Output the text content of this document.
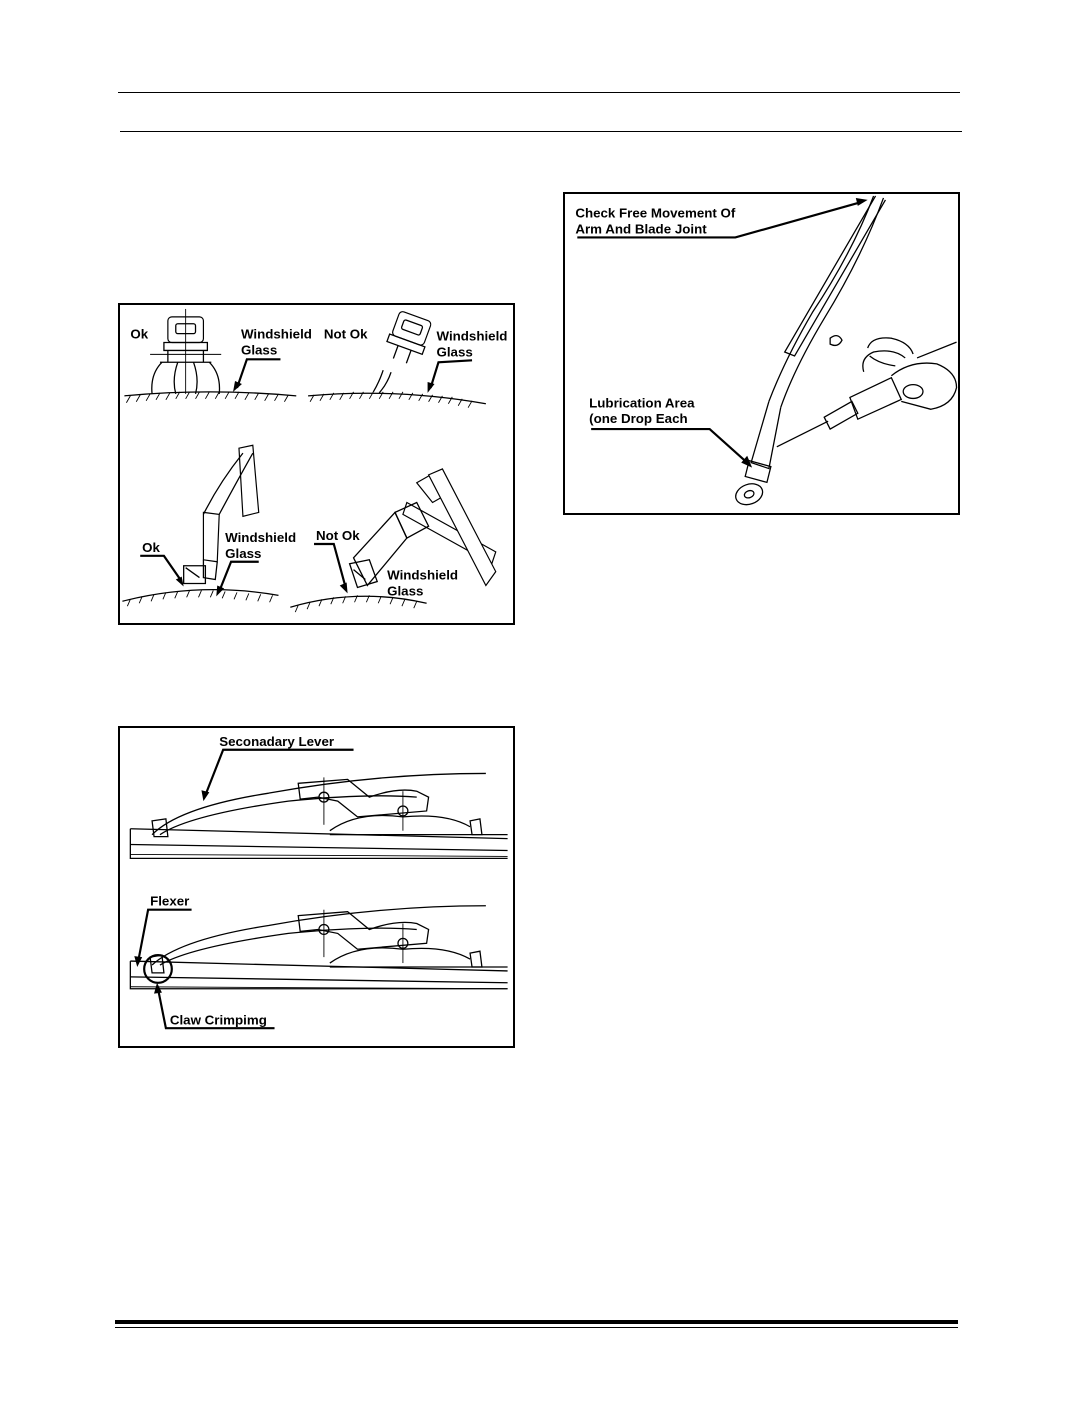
Ok	Windshield
Glass
Not Ok	Windshield
Glass
Ok
Windshield
Glass
Not Ok
Windshield
Glass
Seconadary Lever
Flexer
Claw Crimpimg
Check Free Movement Of
Arm And Blade Joint
Lubrication Area
(one Drop Each
